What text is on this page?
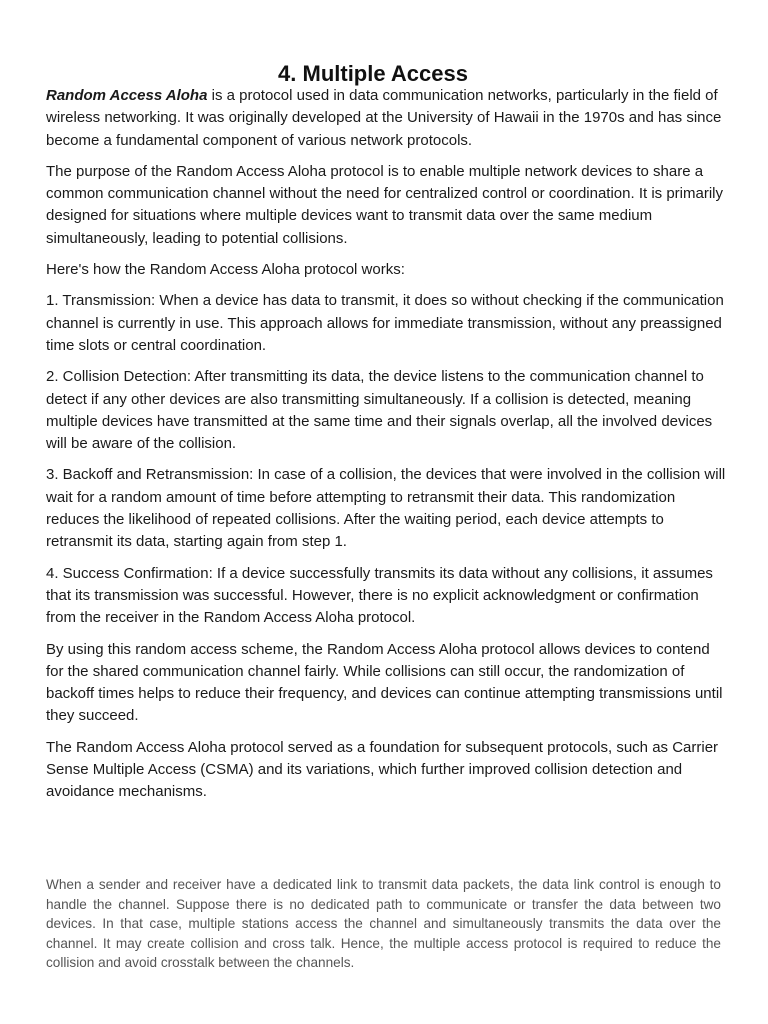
4. Multiple Access

Random Access Aloha is a protocol used in data communication networks, particularly in the field of wireless networking. It was originally developed at the University of Hawaii in the 1970s and has since become a fundamental component of various network protocols.

The purpose of the Random Access Aloha protocol is to enable multiple network devices to share a common communication channel without the need for centralized control or coordination. It is primarily designed for situations where multiple devices want to transmit data over the same medium simultaneously, leading to potential collisions.

Here's how the Random Access Aloha protocol works:

1. Transmission: When a device has data to transmit, it does so without checking if the communication channel is currently in use. This approach allows for immediate transmission, without any preassigned time slots or central coordination.

2. Collision Detection: After transmitting its data, the device listens to the communication channel to detect if any other devices are also transmitting simultaneously. If a collision is detected, meaning multiple devices have transmitted at the same time and their signals overlap, all the involved devices will be aware of the collision.

3. Backoff and Retransmission: In case of a collision, the devices that were involved in the collision will wait for a random amount of time before attempting to retransmit their data. This randomization reduces the likelihood of repeated collisions. After the waiting period, each device attempts to retransmit its data, starting again from step 1.

4. Success Confirmation: If a device successfully transmits its data without any collisions, it assumes that its transmission was successful. However, there is no explicit acknowledgment or confirmation from the receiver in the Random Access Aloha protocol.

By using this random access scheme, the Random Access Aloha protocol allows devices to contend for the shared communication channel fairly. While collisions can still occur, the randomization of backoff times helps to reduce their frequency, and devices can continue attempting transmissions until they succeed.

The Random Access Aloha protocol served as a foundation for subsequent protocols, such as Carrier Sense Multiple Access (CSMA) and its variations, which further improved collision detection and avoidance mechanisms.

When a sender and receiver have a dedicated link to transmit data packets, the data link control is enough to handle the channel. Suppose there is no dedicated path to communicate or transfer the data between two devices. In that case, multiple stations access the channel and simultaneously transmits the data over the channel. It may create collision and cross talk. Hence, the multiple access protocol is required to reduce the collision and avoid crosstalk between the channels.
